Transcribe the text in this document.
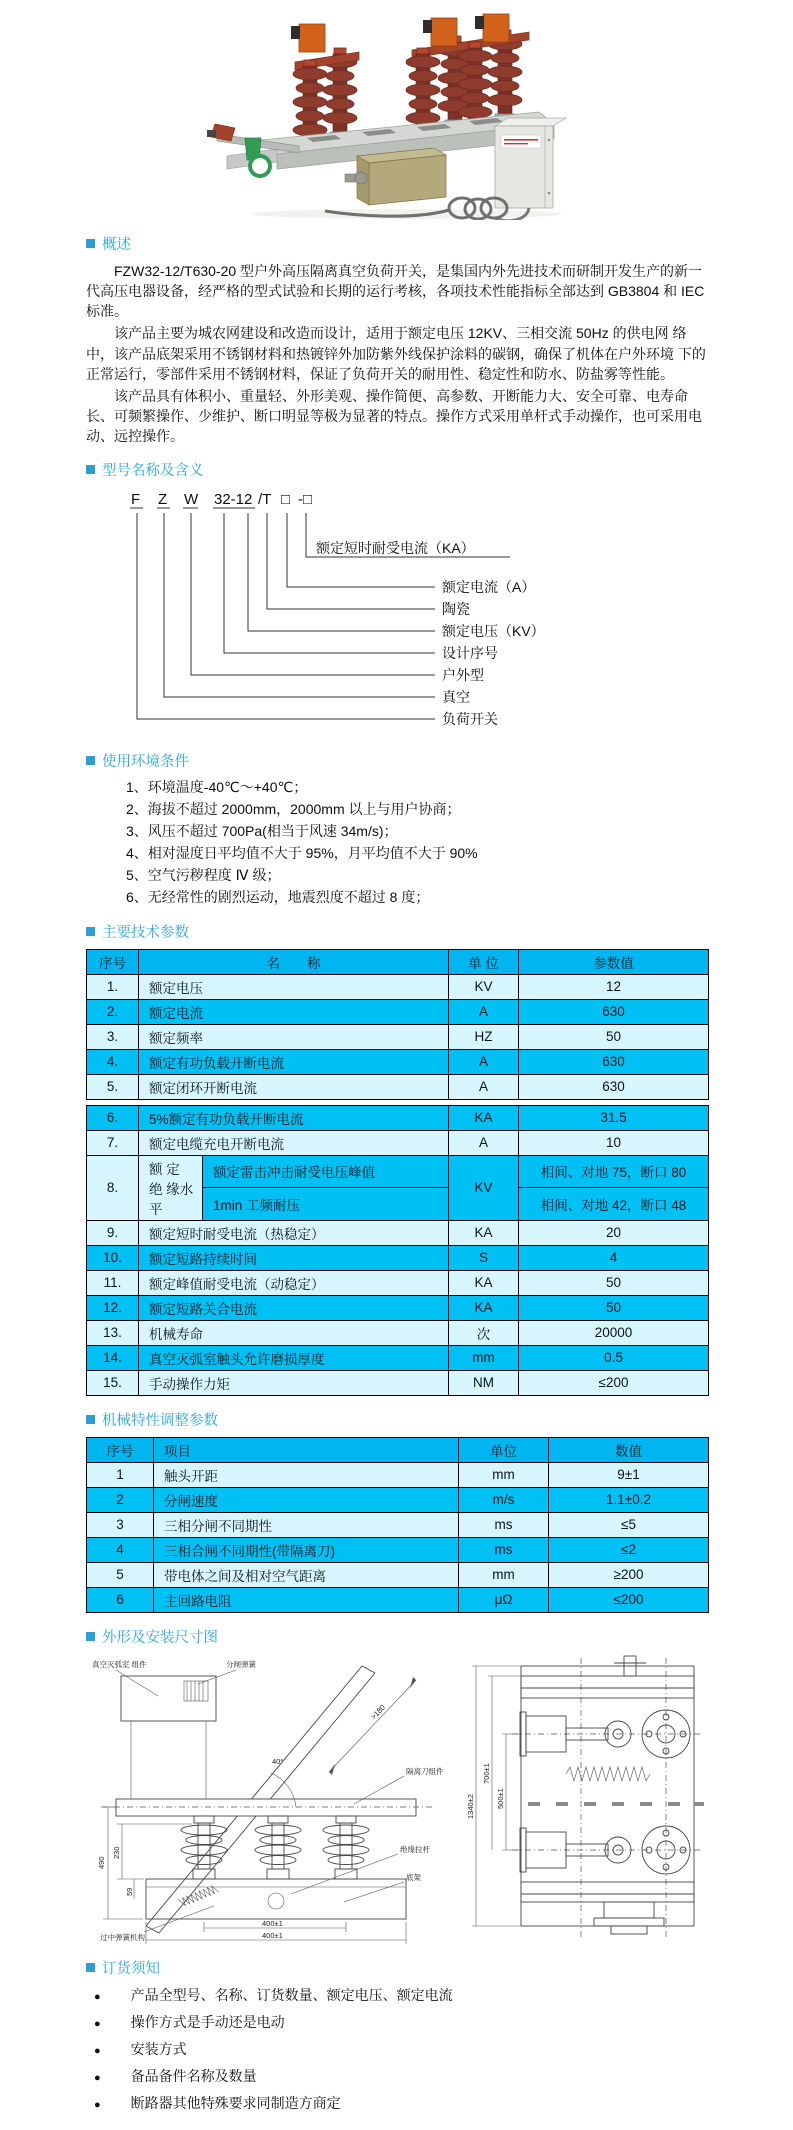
概述

FZW32-12/T630-20 型户外高压隔离真空负荷开关，是集国内外先进技术而研制开发生产的新一代高压电器设备，经严格的型式试验和长期的运行考核，各项技术性能指标全部达到 GB3804 和 IEC 标准。

该产品主要为城农网建设和改造而设计，适用于额定电压 12KV、三相交流 50Hz 的供电网 络中，该产品底架采用不锈钢材料和热镀锌外加防紫外线保护涂料的碳钢，确保了机体在户外环境 下的正常运行，零部件采用不锈钢材料，保证了负荷开关的耐用性、稳定性和防水、防盐雾等性能。

该产品具有体积小、重量轻、外形美观、操作简便、高参数、开断能力大、安全可靠、电寿命长、可频繁操作、少维护、断口明显等极为显著的特点。操作方式采用单杆式手动操作，也可采用电动、远控操作。

型号名称及含义
F Z W 32-12 /T □ -□
额定短时耐受电流（KA）
额定电流（A）
陶瓷
额定电压（KV）
设计序号
户外型
真空
负荷开关
使用环境条件
1、环境温度-40℃～+40℃；
2、海拔不超过 2000mm，2000mm 以上与用户协商；
3、风压不超过 700Pa(相当于风速 34m/s)；
4、相对湿度日平均值不大于 95%，月平均值不大于 90%
5、空气污秽程度 Ⅳ 级；
6、无经常性的剧烈运动，地震烈度不超过 8 度；
主要技术参数
序号	名　　称	单 位	参数值
1.	额定电压	KV	12
2.	额定电流	A	630
3.	额定频率	HZ	50
4.	额定有功负载开断电流	A	630
5.	额定闭环开断电流	A	630
6.	5%额定有功负载开断电流		KA	31.5
7.	额定电缆充电开断电流		A	10
8.	额 定 绝 缘水平	额定雷击冲击耐受电压峰值	KV	相间、对地 75，断口 80
		1min 工频耐压		相间、对地 42，断口 48
9.	额定短时耐受电流（热稳定）		KA	20
10.	额定短路持续时间		S	4
11.	额定峰值耐受电流（动稳定）		KA	50
12.	额定短路关合电流		KA	50
13.	机械寿命		次	20000
14.	真空灭弧室触头允许磨损厚度		mm	0.5
15.	手动操作力矩		NM	≤200
机械特性调整参数
序号	项目	单位	数值
1	触头开距	mm	9±1
2	分闸速度	m/s	1.1±0.2
3	三相分闸不同期性	ms	≤5
4	三相合闸不同期性(带隔离刀)	ms	≤2
5	带电体之间及相对空气距离	mm	≥200
6	主回路电阻	μΩ	≤200
外形及安装尺寸图
40°
>180
真空灭弧室 组件	分闸弹簧
隔离刀组件
绝缘拉杆
底架
过中弹簧机构
490
230
59
400±1
400±1
1340±2
700±1
500±1
订货须知
● 产品全型号、名称、订货数量、额定电压、额定电流
● 操作方式是手动还是电动
● 安装方式
● 备品备件名称及数量
● 断路器其他特殊要求同制造方商定
